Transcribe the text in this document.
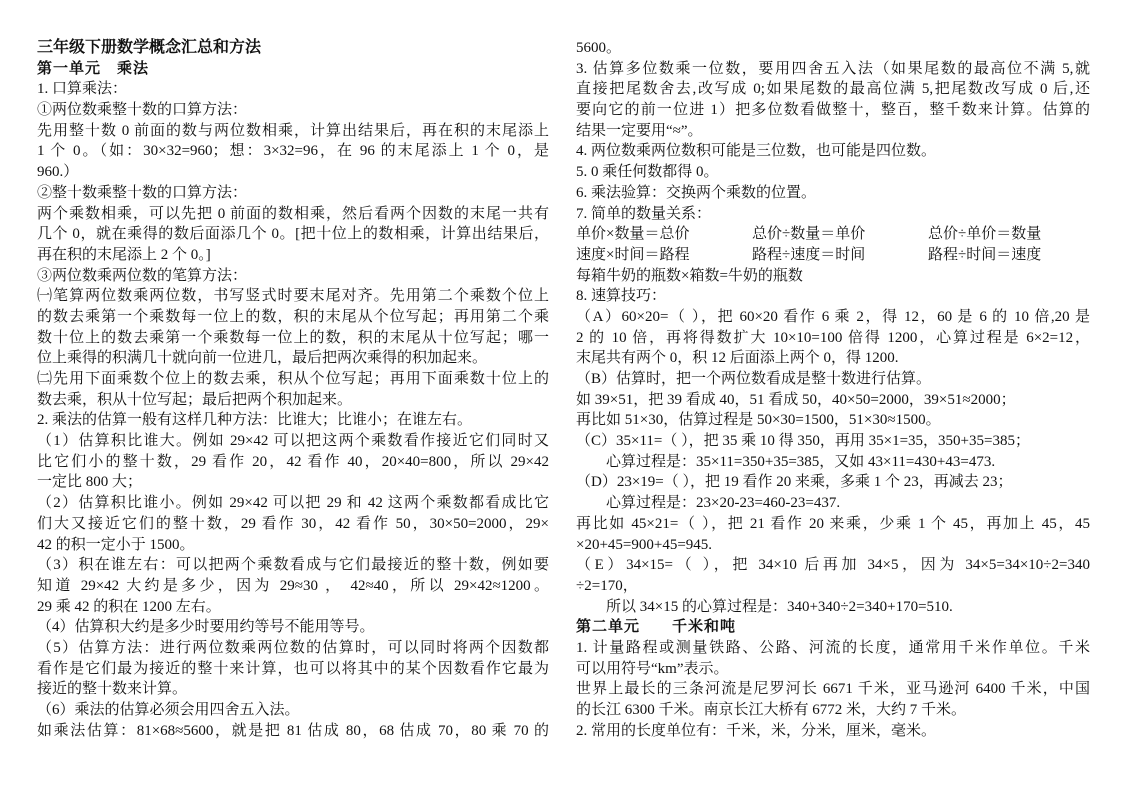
三年级下册数学概念汇总和方法
第一单元　乘法
1. 口算乘法：
①两位数乘整十数的口算方法：
先用整十数 0 前面的数与两位数相乘，计算出结果后，再在积的末尾添上
1 个 0。（如：30×32=960；想：3×32=96，在 96 的末尾添上 1 个 0，是
960.）
②整十数乘整十数的口算方法：
两个乘数相乘，可以先把 0 前面的数相乘，然后看两个因数的末尾一共有
几个 0，就在乘得的数后面添几个 0。[把十位上的数相乘，计算出结果后，
再在积的末尾添上 2 个 0。]
③两位数乘两位数的笔算方法：
㈠笔算两位数乘两位数，书写竖式时要末尾对齐。先用第二个乘数个位上
的数去乘第一个乘数每一位上的数，积的末尾从个位写起；再用第二个乘
数十位上的数去乘第一个乘数每一位上的数，积的末尾从十位写起；哪一
位上乘得的积满几十就向前一位进几，最后把两次乘得的积加起来。
㈡先用下面乘数个位上的数去乘，积从个位写起；再用下面乘数十位上的
数去乘，积从十位写起；最后把两个积加起来。
2. 乘法的估算一般有这样几种方法：比谁大；比谁小；在谁左右。
（1）估算积比谁大。例如 29×42 可以把这两个乘数看作接近它们同时又
比它们小的整十数，29 看作 20，42 看作 40，20×40=800，所以 29×42
一定比 800 大；
（2）估算积比谁小。例如 29×42 可以把 29 和 42 这两个乘数都看成比它
们大又接近它们的整十数，29 看作 30，42 看作 50，30×50=2000，29×
42 的积一定小于 1500。
（3）积在谁左右：可以把两个乘数看成与它们最接近的整十数，例如要
知道 29×42 大约是多少，因为 29≈30 ， 42≈40，所以 29×42≈1200。
29 乘 42 的积在 1200 左右。
（4）估算积大约是多少时要用约等号不能用等号。
（5）估算方法：进行两位数乘两位数的估算时，可以同时将两个因数都
看作是它们最为接近的整十来计算，也可以将其中的某个因数看作它最为
接近的整十数来计算。
（6）乘法的估算必须会用四舍五入法。
如乘法估算：81×68≈5600，就是把 81 估成 80，68 估成 70，80 乘 70 的
5600。
3. 估算多位数乘一位数，要用四舍五入法（如果尾数的最高位不满 5,就
直接把尾数舍去,改写成 0;如果尾数的最高位满 5,把尾数改写成 0 后,还
要向它的前一位进 1）把多位数看做整十，整百，整千数来计算。估算的
结果一定要用“≈”。
4. 两位数乘两位数积可能是三位数，也可能是四位数。
5. 0 乘任何数都得 0。
6. 乘法验算：交换两个乘数的位置。
7. 简单的数量关系：
单价×数量＝总价	总价÷数量＝单价	总价÷单价＝数量
速度×时间＝路程	路程÷速度＝时间	路程÷时间＝速度
每箱牛奶的瓶数×箱数=牛奶的瓶数
8. 速算技巧：
（A）60×20=（ ），把 60×20 看作 6 乘 2，得 12，60 是 6 的 10 倍,20 是
2 的 10 倍，再将得数扩大 10×10=100 倍得 1200，心算过程是 6×2=12，
末尾共有两个 0，积 12 后面添上两个 0，得 1200.
（B）估算时，把一个两位数看成是整十数进行估算。
如 39×51，把 39 看成 40，51 看成 50，40×50=2000，39×51≈2000；
再比如 51×30，估算过程是 50×30=1500，51×30≈1500。
（C）35×11=（ ），把 35 乘 10 得 350，再用 35×1=35，350+35=385；
　　心算过程是：35×11=350+35=385，又如 43×11=430+43=473.
（D）23×19=（ ），把 19 看作 20 来乘，多乘 1 个 23，再减去 23；
　　心算过程是：23×20-23=460-23=437.
再比如 45×21=（ ），把 21 看作 20 来乘，少乘 1 个 45，再加上 45，45
×20+45=900+45=945.
（E）34×15=（ ），把 34×10 后再加 34×5，因为 34×5=34×10÷2=340
÷2=170，
　　所以 34×15 的心算过程是：340+340÷2=340+170=510.
第二单元　　千米和吨
1. 计量路程或测量铁路、公路、河流的长度，通常用千米作单位。千米
可以用符号“km”表示。
世界上最长的三条河流是尼罗河长 6671 千米，亚马逊河 6400 千米，中国
的长江 6300 千米。南京长江大桥有 6772 米，大约 7 千米。
2. 常用的长度单位有：千米，米，分米，厘米，毫米。
